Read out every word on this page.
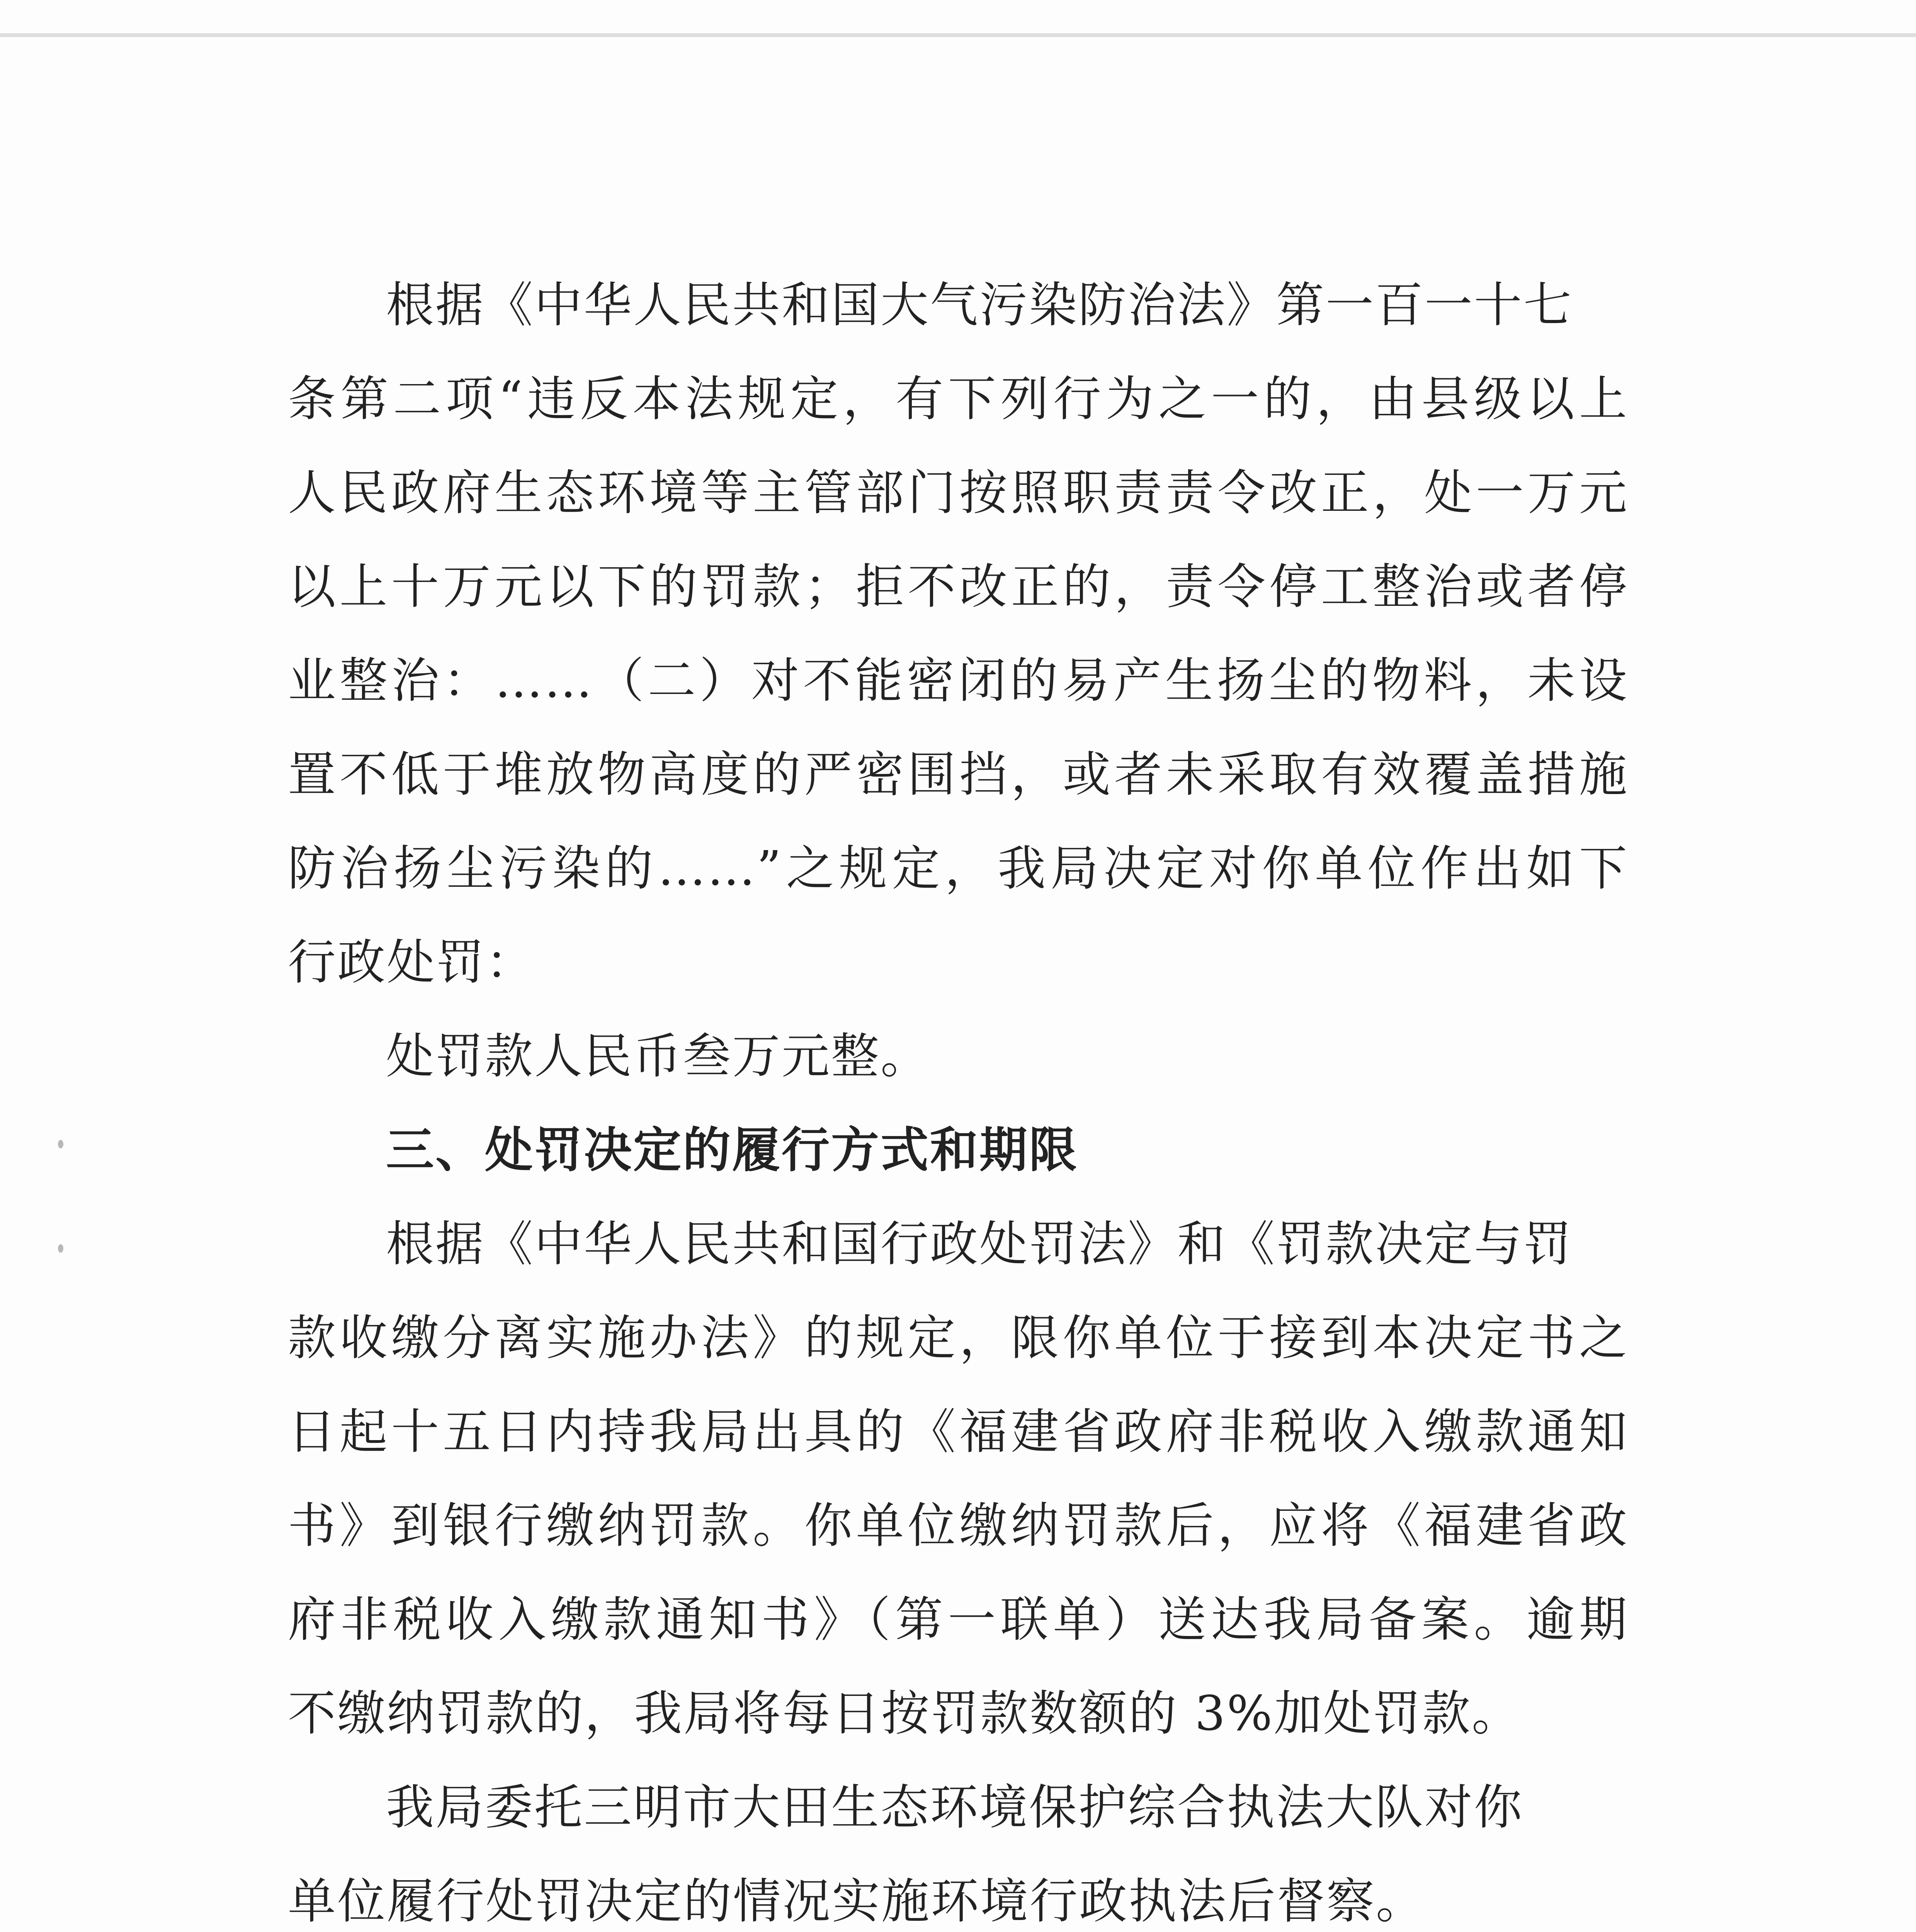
根据《中华人民共和国大气污染防治法》第一百一十七
条第二项“违反本法规定，有下列行为之一的，由县级以上
人民政府生态环境等主管部门按照职责责令改正，处一万元
以上十万元以下的罚款；拒不改正的，责令停工整治或者停
业整治：……（二）对不能密闭的易产生扬尘的物料，未设
置不低于堆放物高度的严密围挡，或者未采取有效覆盖措施
防治扬尘污染的……”之规定，我局决定对你单位作出如下
行政处罚：
处罚款人民币叁万元整。
三、处罚决定的履行方式和期限
根据《中华人民共和国行政处罚法》和《罚款决定与罚
款收缴分离实施办法》的规定，限你单位于接到本决定书之
日起十五日内持我局出具的《福建省政府非税收入缴款通知
书》到银行缴纳罚款。你单位缴纳罚款后，应将《福建省政
府非税收入缴款通知书》（第一联单）送达我局备案。逾期
不缴纳罚款的，我局将每日按罚款数额的 3%加处罚款。
我局委托三明市大田生态环境保护综合执法大队对你
单位履行处罚决定的情况实施环境行政执法后督察。
